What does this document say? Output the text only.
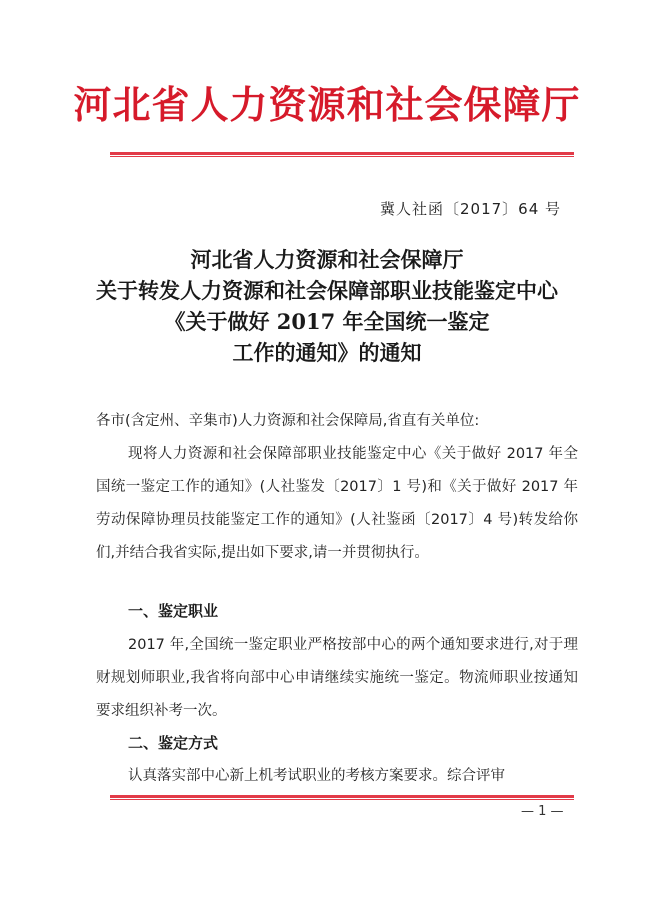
河北省人力资源和社会保障厅
冀人社函〔2017〕64 号
河北省人力资源和社会保障厅
关于转发人力资源和社会保障部职业技能鉴定中心
《关于做好 2017 年全国统一鉴定
工作的通知》的通知
各市(含定州、辛集市)人力资源和社会保障局,省直有关单位:
现将人力资源和社会保障部职业技能鉴定中心《关于做好 2017 年全国统一鉴定工作的通知》(人社鉴发〔2017〕1 号)和《关于做好 2017 年劳动保障协理员技能鉴定工作的通知》(人社鉴函〔2017〕4 号)转发给你们,并结合我省实际,提出如下要求,请一并贯彻执行。
一、鉴定职业
2017 年,全国统一鉴定职业严格按部中心的两个通知要求进行,对于理财规划师职业,我省将向部中心申请继续实施统一鉴定。物流师职业按通知要求组织补考一次。
二、鉴定方式
认真落实部中心新上机考试职业的考核方案要求。综合评审
— 1 —
